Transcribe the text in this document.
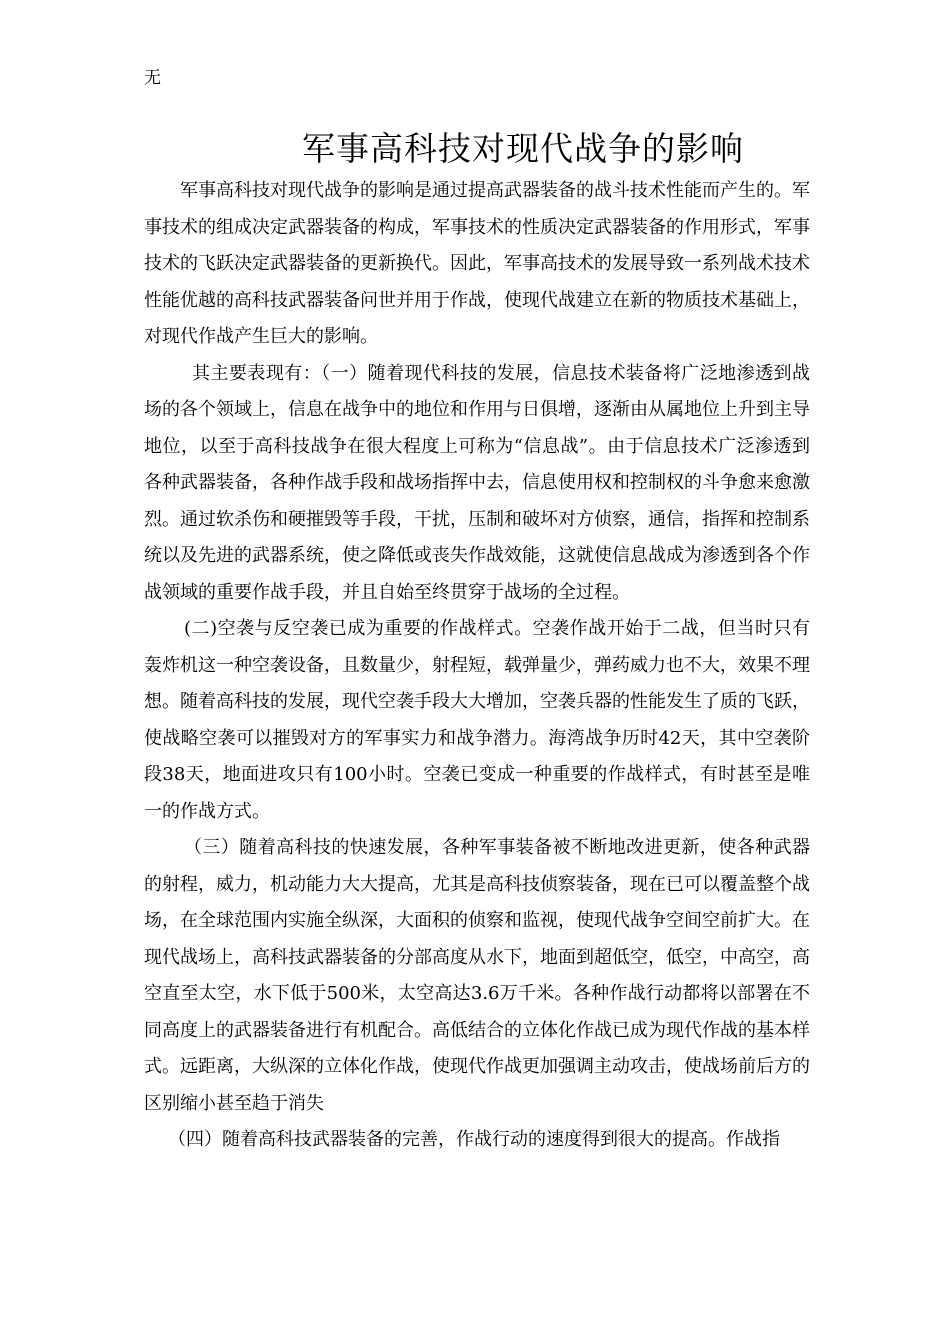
无
军事高科技对现代战争的影响

军事高科技对现代战争的影响是通过提高武器装备的战斗技术性能而产生的。军事技术的组成决定武器装备的构成，军事技术的性质决定武器装备的作用形式，军事技术的飞跃决定武器装备的更新换代。因此，军事高技术的发展导致一系列战术技术性能优越的高科技武器装备问世并用于作战，使现代战建立在新的物质技术基础上，对现代作战产生巨大的影响。

其主要表现有：（一）随着现代科技的发展，信息技术装备将广泛地渗透到战场的各个领域上，信息在战争中的地位和作用与日俱增，逐渐由从属地位上升到主导地位，以至于高科技战争在很大程度上可称为“信息战”。由于信息技术广泛渗透到各种武器装备，各种作战手段和战场指挥中去，信息使用权和控制权的斗争愈来愈激烈。通过软杀伤和硬摧毁等手段，干扰，压制和破坏对方侦察，通信，指挥和控制系统以及先进的武器系统，使之降低或丧失作战效能，这就使信息战成为渗透到各个作战领域的重要作战手段，并且自始至终贯穿于战场的全过程。

(二)空袭与反空袭已成为重要的作战样式。空袭作战开始于二战，但当时只有轰炸机这一种空袭设备，且数量少，射程短，载弹量少，弹药威力也不大，效果不理想。随着高科技的发展，现代空袭手段大大增加，空袭兵器的性能发生了质的飞跃，使战略空袭可以摧毁对方的军事实力和战争潜力。海湾战争历时42天，其中空袭阶段38天，地面进攻只有100小时。空袭已变成一种重要的作战样式，有时甚至是唯一的作战方式。

（三）随着高科技的快速发展，各种军事装备被不断地改进更新，使各种武器的射程，威力，机动能力大大提高，尤其是高科技侦察装备，现在已可以覆盖整个战场，在全球范围内实施全纵深，大面积的侦察和监视，使现代战争空间空前扩大。在现代战场上，高科技武器装备的分部高度从水下，地面到超低空，低空，中高空，高空直至太空，水下低于500米，太空高达3.6万千米。各种作战行动都将以部署在不同高度上的武器装备进行有机配合。高低结合的立体化作战已成为现代作战的基本样式。远距离，大纵深的立体化作战，使现代作战更加强调主动攻击，使战场前后方的区别缩小甚至趋于消失

（四）随着高科技武器装备的完善，作战行动的速度得到很大的提高。作战指
